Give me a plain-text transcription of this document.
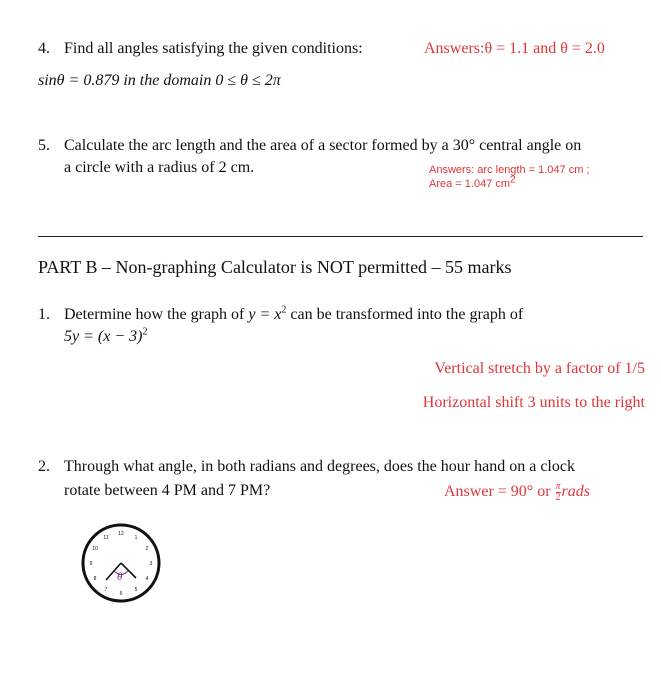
4. Find all angles satisfying the given conditions:	Answers:θ = 1.1 and θ = 2.0
sinθ = 0.879 in the domain 0 ≤ θ ≤ 2π
5. Calculate the arc length and the area of a sector formed by a 30° central angle on
a circle with a radius of 2 cm.	Answers: arc length = 1.047 cm ;
Area = 1.047 $cm^2$
PART B – Non-graphing Calculator is NOT permitted – 55 marks
1. Determine how the graph of $y = x^2$ can be transformed into the graph of
$5y = (x - 3)^2$
Vertical stretch by a factor of 1/5
Horizontal shift 3 units to the right
2. Through what angle, in both radians and degrees, does the hour hand on a clock
rotate between 4 PM and 7 PM?	Answer = 90° or $\frac{\pi}{2}$ rads
12
1
2
3
4
5
6
7
8
9
10
11
θ
